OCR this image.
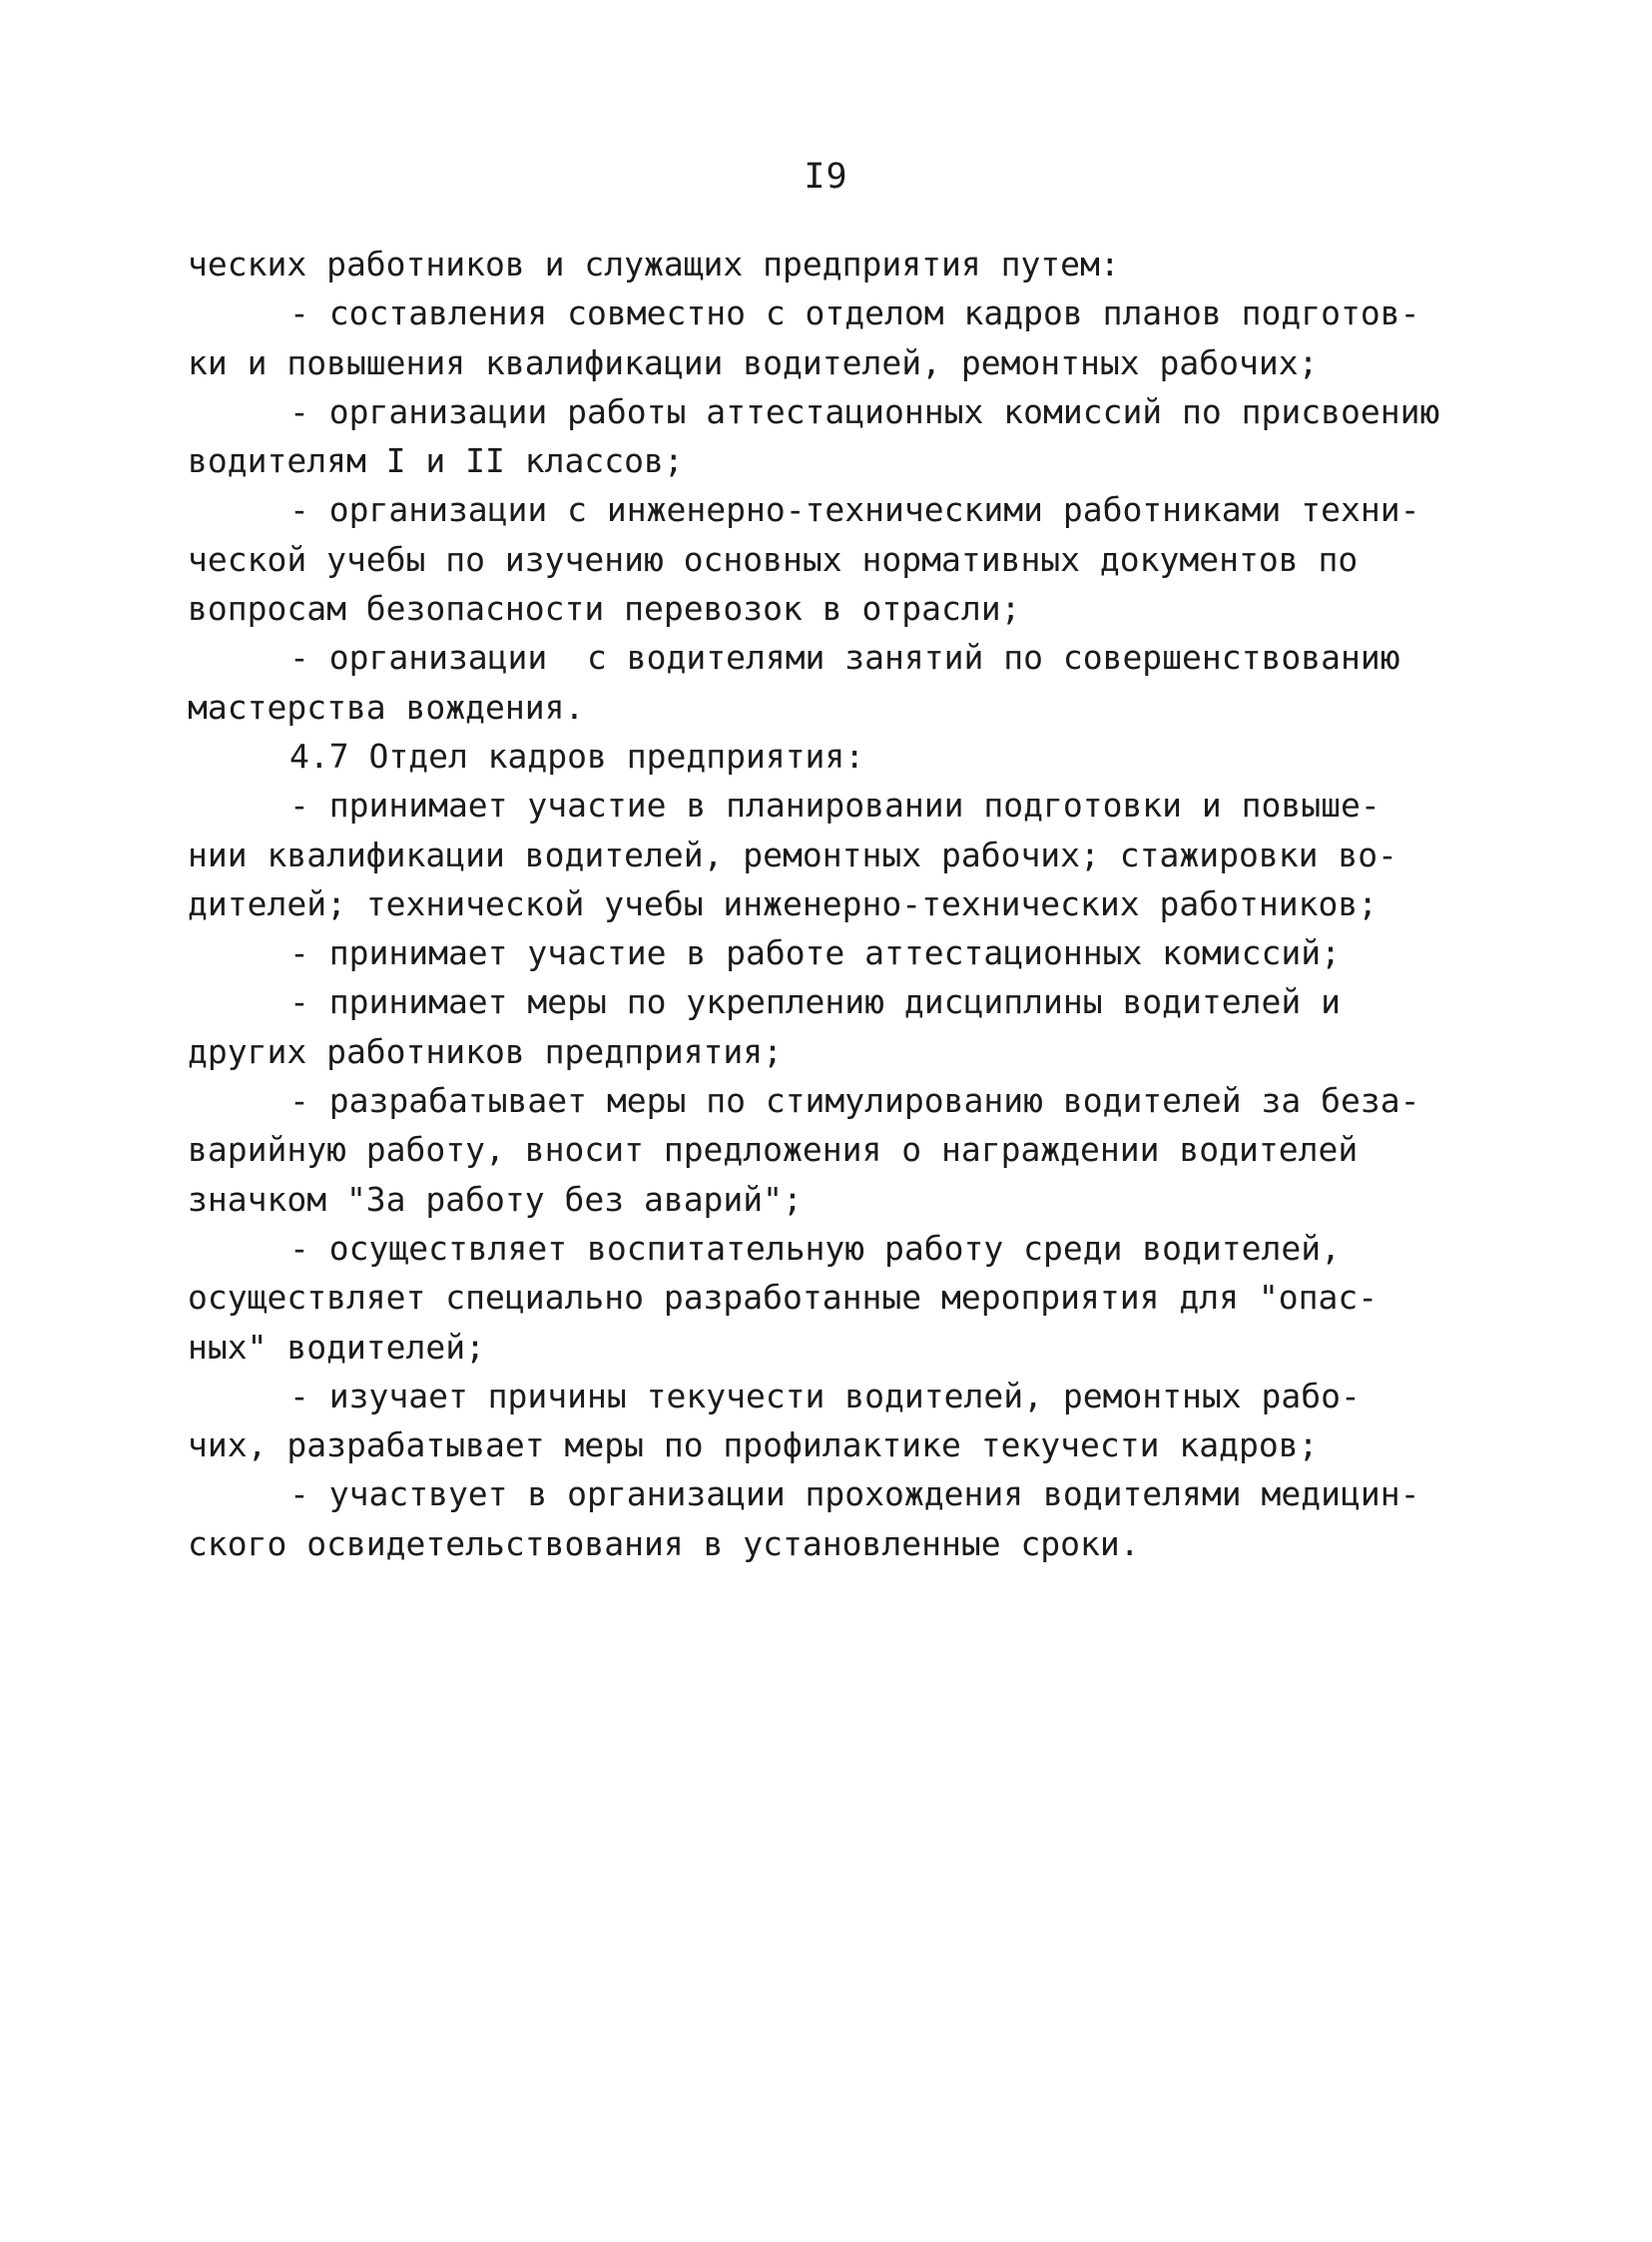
I9
ческих работников и служащих предприятия путем:
- составления совместно с отделом кадров планов подготов-
ки и повышения квалификации водителей, ремонтных рабочих;
- организации работы аттестационных комиссий по присвоению
водителям I и II классов;
- организации с инженерно-техническими работниками техни-
ческой учебы по изучению основных нормативных документов по
вопросам безопасности перевозок в отрасли;
- организации  с водителями занятий по совершенствованию
мастерства вождения.
4.7 Отдел кадров предприятия:
- принимает участие в планировании подготовки и повыше-
нии квалификации водителей, ремонтных рабочих; стажировки во-
дителей; технической учебы инженерно-технических работников;
- принимает участие в работе аттестационных комиссий;
- принимает меры по укреплению дисциплины водителей и
других работников предприятия;
- разрабатывает меры по стимулированию водителей за беза-
варийную работу, вносит предложения о награждении водителей
значком "За работу без аварий";
- осуществляет воспитательную работу среди водителей,
осуществляет специально разработанные мероприятия для "опас-
ных" водителей;
- изучает причины текучести водителей, ремонтных рабо-
чих, разрабатывает меры по профилактике текучести кадров;
- участвует в организации прохождения водителями медицин-
ского освидетельствования в установленные сроки.
